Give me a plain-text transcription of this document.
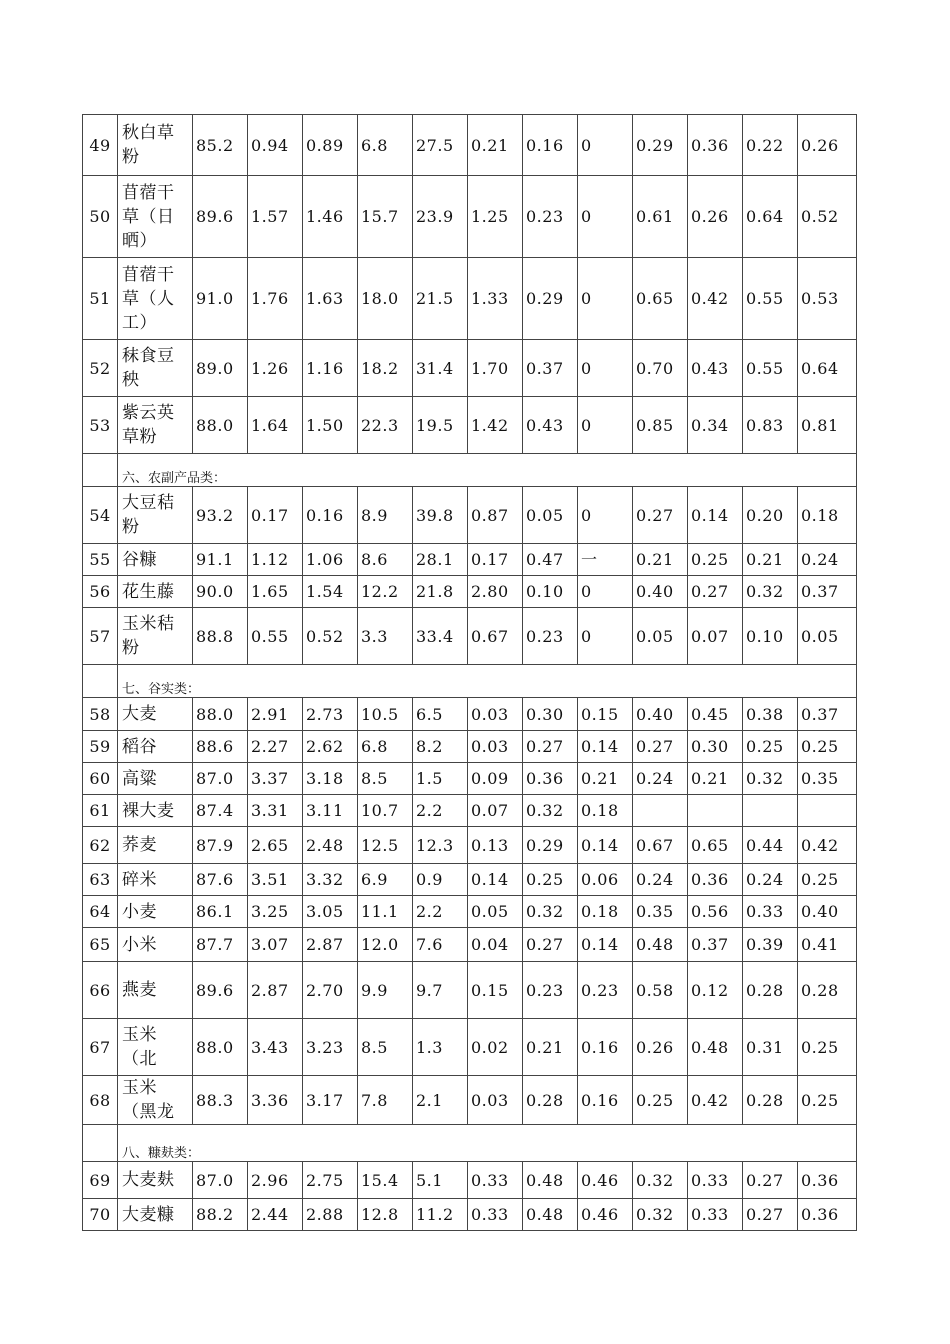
49	秋白草粉	85.2	0.94	0.89	6.8	27.5	0.21	0.16	0	0.29	0.36	0.22	0.26
50	苜蓿干草（日晒）	89.6	1.57	1.46	15.7	23.9	1.25	0.23	0	0.61	0.26	0.64	0.52
51	苜蓿干草（人工）	91.0	1.76	1.63	18.0	21.5	1.33	0.29	0	0.65	0.42	0.55	0.53
52	秣食豆秧	89.0	1.26	1.16	18.2	31.4	1.70	0.37	0	0.70	0.43	0.55	0.64
53	紫云英草粉	88.0	1.64	1.50	22.3	19.5	1.42	0.43	0	0.85	0.34	0.83	0.81
	六、农副产品类：												
54	大豆秸粉	93.2	0.17	0.16	8.9	39.8	0.87	0.05	0	0.27	0.14	0.20	0.18
55	谷糠	91.1	1.12	1.06	8.6	28.1	0.17	0.47	一	0.21	0.25	0.21	0.24
56	花生藤	90.0	1.65	1.54	12.2	21.8	2.80	0.10	0	0.40	0.27	0.32	0.37
57	玉米秸粉	88.8	0.55	0.52	3.3	33.4	0.67	0.23	0	0.05	0.07	0.10	0.05
	七、谷实类：												
58	大麦	88.0	2.91	2.73	10.5	6.5	0.03	0.30	0.15	0.40	0.45	0.38	0.37
59	稻谷	88.6	2.27	2.62	6.8	8.2	0.03	0.27	0.14	0.27	0.30	0.25	0.25
60	高粱	87.0	3.37	3.18	8.5	1.5	0.09	0.36	0.21	0.24	0.21	0.32	0.35
61	裸大麦	87.4	3.31	3.11	10.7	2.2	0.07	0.32	0.18				
62	荞麦	87.9	2.65	2.48	12.5	12.3	0.13	0.29	0.14	0.67	0.65	0.44	0.42
63	碎米	87.6	3.51	3.32	6.9	0.9	0.14	0.25	0.06	0.24	0.36	0.24	0.25
64	小麦	86.1	3.25	3.05	11.1	2.2	0.05	0.32	0.18	0.35	0.56	0.33	0.40
65	小米	87.7	3.07	2.87	12.0	7.6	0.04	0.27	0.14	0.48	0.37	0.39	0.41
66	燕麦	89.6	2.87	2.70	9.9	9.7	0.15	0.23	0.23	0.58	0.12	0.28	0.28
67	玉米（北	88.0	3.43	3.23	8.5	1.3	0.02	0.21	0.16	0.26	0.48	0.31	0.25
68	玉米（黑龙	88.3	3.36	3.17	7.8	2.1	0.03	0.28	0.16	0.25	0.42	0.28	0.25
	八、糠麸类：												
69	大麦麸	87.0	2.96	2.75	15.4	5.1	0.33	0.48	0.46	0.32	0.33	0.27	0.36
70	大麦糠	88.2	2.44	2.88	12.8	11.2	0.33	0.48	0.46	0.32	0.33	0.27	0.36
